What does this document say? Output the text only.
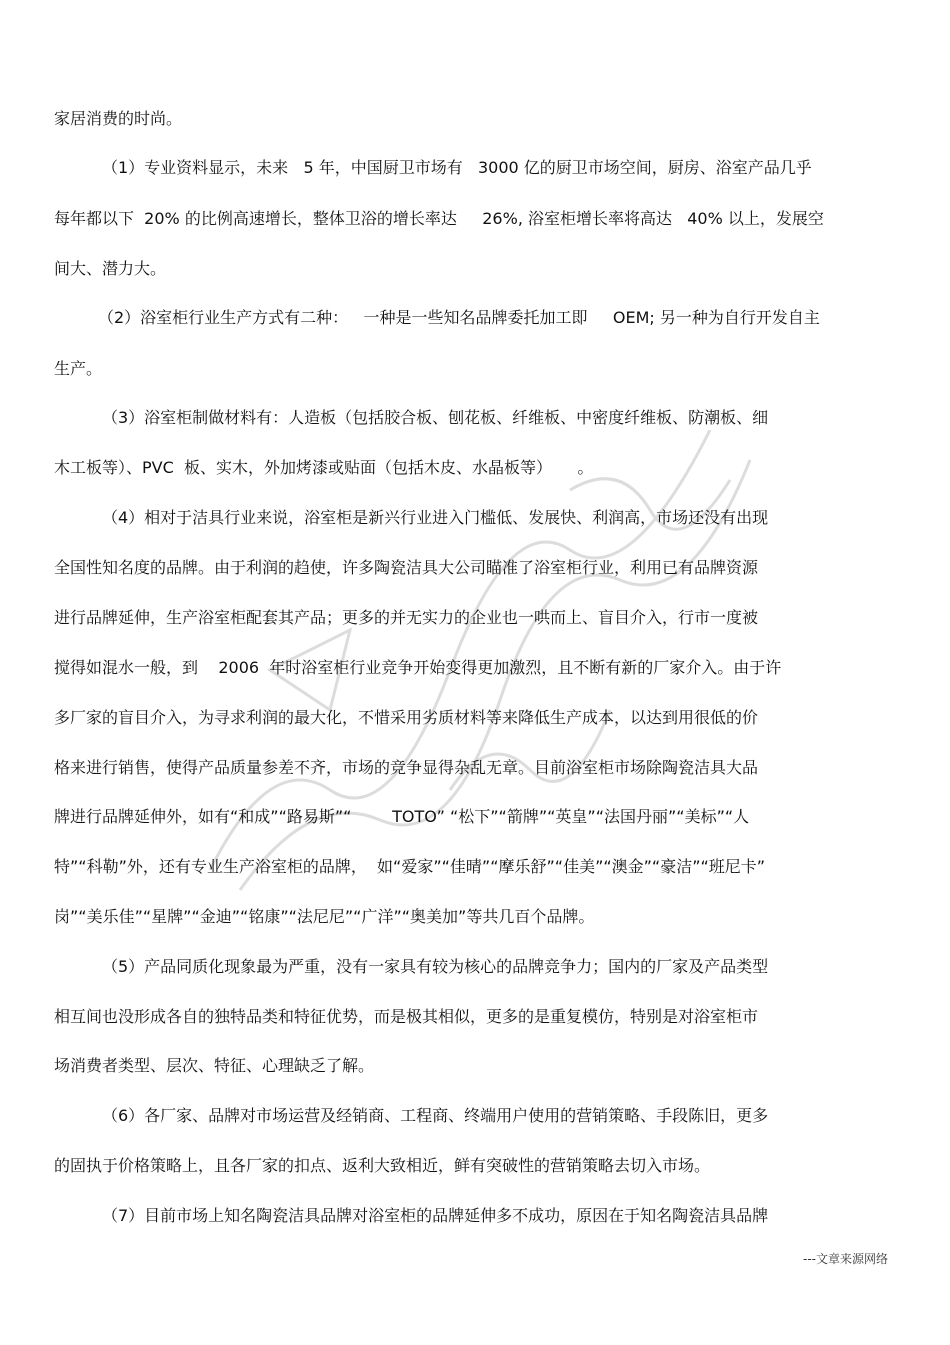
家居消费的时尚。
（1）专业资料显示，未来   5 年，中国厨卫市场有   3000 亿的厨卫市场空间，厨房、浴室产品几乎
每年都以下  20% 的比例高速增长，整体卫浴的增长率达     26%, 浴室柜增长率将高达   40% 以上，发展空
间大、潜力大。
（2）浴室柜行业生产方式有二种：   一种是一些知名品牌委托加工即     OEM; 另一种为自行开发自主
生产。
（3）浴室柜制做材料有：人造板（包括胶合板、刨花板、纤维板、中密度纤维板、防潮板、细
木工板等）、PVC  板、实木，外加烤漆或贴面（包括木皮、水晶板等）     。
（4）相对于洁具行业来说，浴室柜是新兴行业进入门槛低、发展快、利润高，市场还没有出现
全国性知名度的品牌。由于利润的趋使，许多陶瓷洁具大公司瞄准了浴室柜行业，利用已有品牌资源
进行品牌延伸，生产浴室柜配套其产品；更多的并无实力的企业也一哄而上、盲目介入，行市一度被
搅得如混水一般，到    2006  年时浴室柜行业竞争开始变得更加激烈，且不断有新的厂家介入。由于许
多厂家的盲目介入，为寻求利润的最大化，不惜采用劣质材料等来降低生产成本，以达到用很低的价
格来进行销售，使得产品质量参差不齐，市场的竞争显得杂乱无章。目前浴室柜市场除陶瓷洁具大品
牌进行品牌延伸外，如有“和成”“路易斯”“        TOTO” “松下”“箭牌”“英皇”“法国丹丽”“美标”“人
特”“科勒”外，还有专业生产浴室柜的品牌，  如“爱家”“佳晴”“摩乐舒”“佳美”“澳金”“豪洁”“班尼卡”
岗”“美乐佳”“星牌”“金迪”“铭康”“法尼尼”“广洋”“奥美加”等共几百个品牌。
（5）产品同质化现象最为严重，没有一家具有较为核心的品牌竞争力；国内的厂家及产品类型
相互间也没形成各自的独特品类和特征优势，而是极其相似，更多的是重复模仿，特别是对浴室柜市
场消费者类型、层次、特征、心理缺乏了解。
（6）各厂家、品牌对市场运营及经销商、工程商、终端用户使用的营销策略、手段陈旧，更多
的固执于价格策略上，且各厂家的扣点、返利大致相近，鲜有突破性的营销策略去切入市场。
（7）目前市场上知名陶瓷洁具品牌对浴室柜的品牌延伸多不成功，原因在于知名陶瓷洁具品牌
---文章来源网络
